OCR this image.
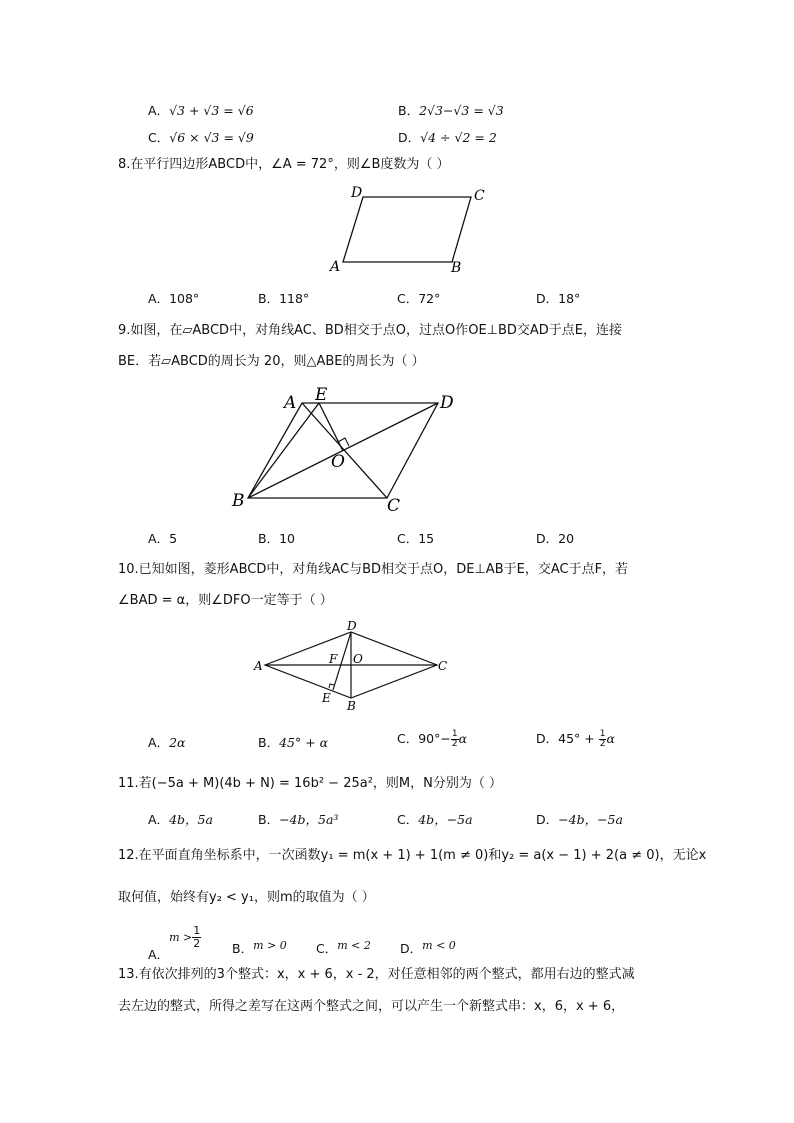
A．√3 + √3 = √6	B．2√3−√3 = √3
C．√6 × √3 = √9	D．√4 ÷ √2 = 2
8.在平行四边形ABCD中，∠A = 72°，则∠B度数为（ ）
A	B
C
D
A．108°	B．118°	C．72°	D．18°
9.如图，在▱ABCD中，对角线AC、BD相交于点O，过点O作OE⊥BD交AD于点E，连接
BE．若▱ABCD的周长为 20，则△ABE的周长为（ ）
A E	D
O
B	C
A．5	B．10	C．15	D．20
10.已知如图，菱形ABCD中，对角线AC与BD相交于点O，DE⊥AB于E，交AC于点F，若
∠BAD = α，则∠DFO一定等于（ ）
A
D
C
B
E
F O
A．2α	B．45° + α	C．$90^\circ- \frac{1}{2}$ α	D．$45^\circ + \frac{1}{2}$ α
11.若(−5a + M)(4b + N) = 16b² − 25a²，则M，N分别为（ ）
A．4b，5a	B．−4b，5a³	C．4b，−5a	D．−4b，−5a
12.在平面直角坐标系中，一次函数y₁ = m(x + 1) + 1(m ≠ 0)和y₂ = a(x − 1) + 2(a ≠ 0)，无论x
取何值，始终有y₂ < y₁，则m的取值为（ ）
A．$m > \frac{1}{2}$ B．m > 0 C．m < 2 D．m < 0
13.有依次排列的3个整式：x，x + 6，x - 2，对任意相邻的两个整式，都用右边的整式减
去左边的整式，所得之差写在这两个整式之间，可以产生一个新整式串：x，6，x + 6，
